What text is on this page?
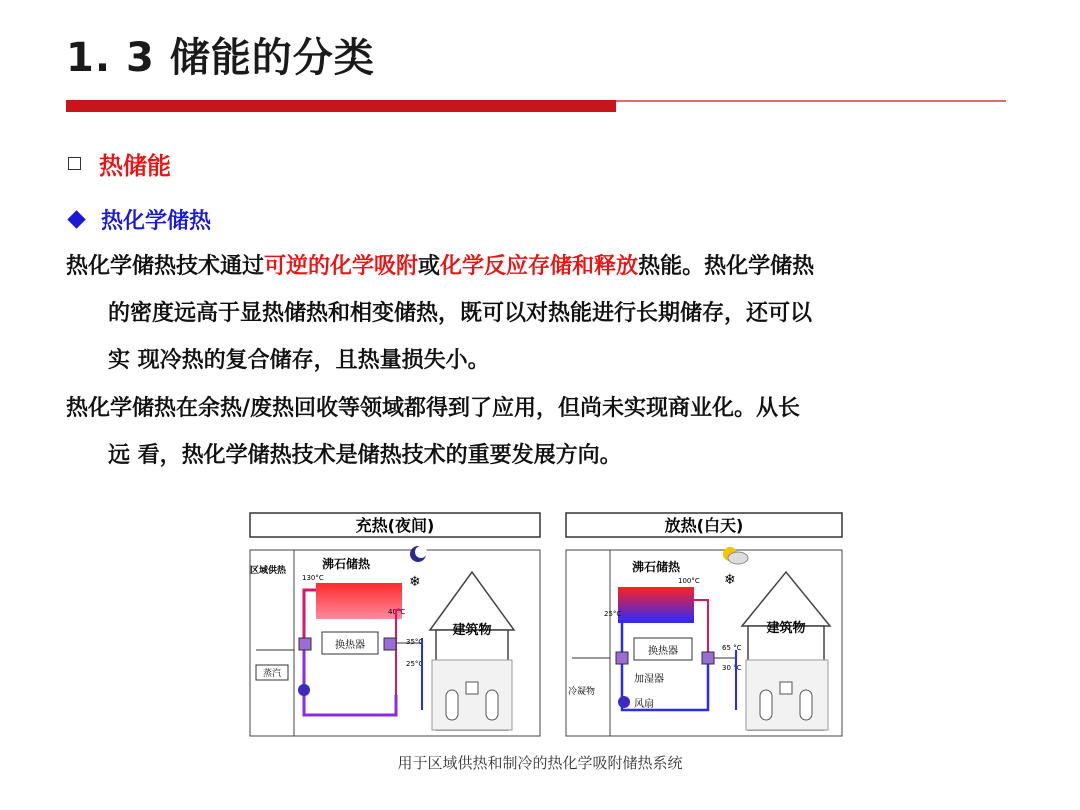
1. 3 储能的分类
热储能
热化学储热
热化学储热技术通过可逆的化学吸附或化学反应存储和释放热能。热化学储热
的密度远高于显热储热和相变储热，既可以对热能进行长期储存，还可以
实 现冷热的复合储存，且热量损失小。
热化学储热在余热/废热回收等领域都得到了应用，但尚未实现商业化。从长
远 看，热化学储热技术是储热技术的重要发展方向。
充热(夜间)
区域供热	沸石储热
130°C
40°C
换热器	35°C
25°C
蒸汽
❄
建筑物
放热(白天)
沸石储热
100°C
25°C
换热器
加湿器
风扇
冷凝物
65 °C
30 °C
❄
建筑物
用于区域供热和制冷的热化学吸附储热系统
